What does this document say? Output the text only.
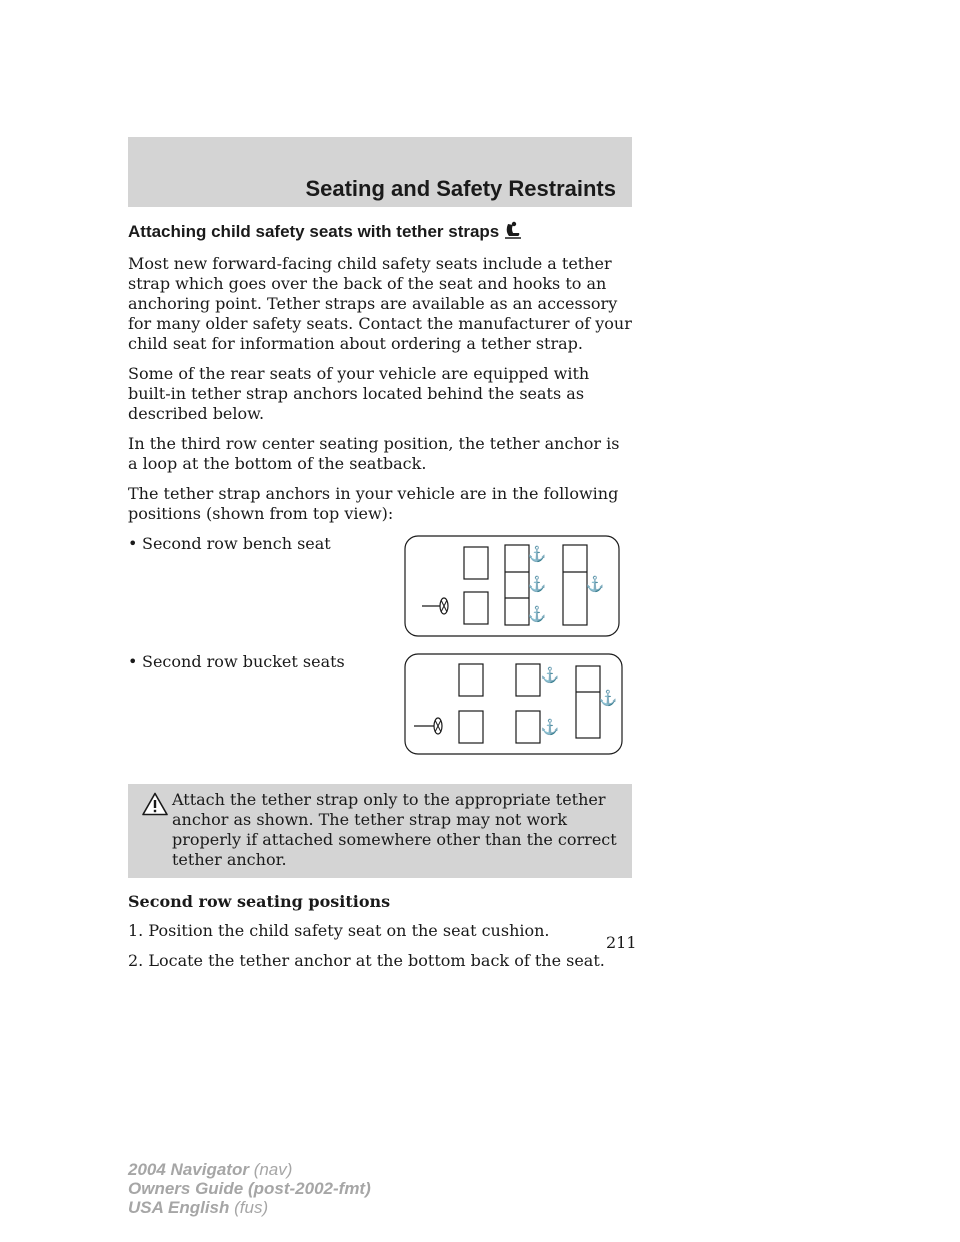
Seating and Safety Restraints
Attaching child safety seats with tether straps

Most new forward-facing child safety seats include a tether strap which goes over the back of the seat and hooks to an anchoring point. Tether straps are available as an accessory for many older safety seats. Contact the manufacturer of your child seat for information about ordering a tether strap.

Some of the rear seats of your vehicle are equipped with built-in tether strap anchors located behind the seats as described below.

In the third row center seating position, the tether anchor is a loop at the bottom of the seatback.

The tether strap anchors in your vehicle are in the following positions (shown from top view):

• Second row bench seat
⚓
⚓
⚓
⚓
• Second row bucket seats
⚓
⚓
⚓
Attach the tether strap only to the appropriate tether anchor as shown. The tether strap may not work properly if attached somewhere other than the correct tether anchor.

Second row seating positions

1. Position the child safety seat on the seat cushion.

2. Locate the tether anchor at the bottom back of the seat.

211
2004 Navigator (nav)
Owners Guide (post-2002-fmt)
USA English (fus)
